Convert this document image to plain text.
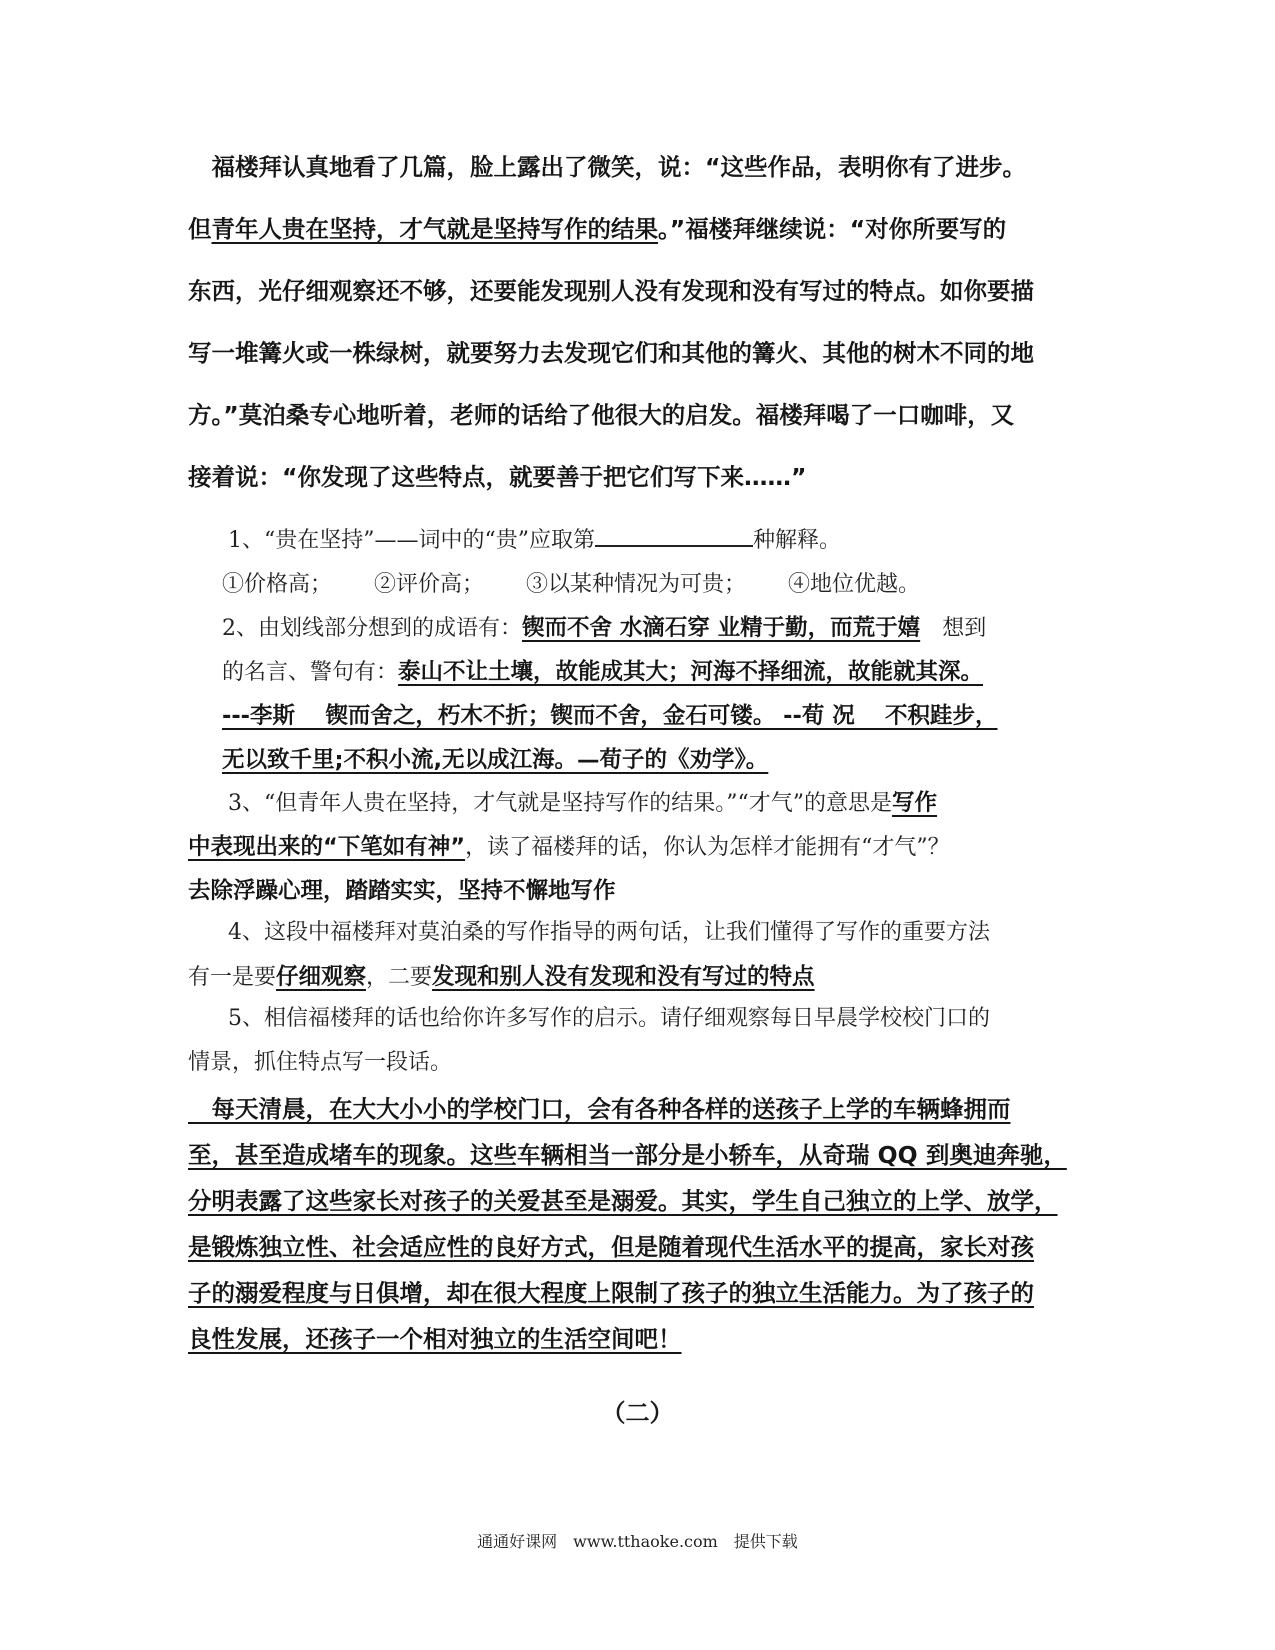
　福楼拜认真地看了几篇，脸上露出了微笑，说：“这些作品，表明你有了进步。
但青年人贵在坚持，才气就是坚持写作的结果。”福楼拜继续说：“对你所要写的
东西，光仔细观察还不够，还要能发现别人没有发现和没有写过的特点。如你要描
写一堆篝火或一株绿树，就要努力去发现它们和其他的篝火、其他的树木不同的地
方。”莫泊桑专心地听着，老师的话给了他很大的启发。福楼拜喝了一口咖啡，又
接着说：“你发现了这些特点，就要善于把它们写下来……”
1、“贵在坚持”——词中的“贵”应取第	种解释。
①价格高； ②评价高； ③以某种情况为可贵； ④地位优越。
2、由划线部分想到的成语有：锲而不舍 水滴石穿 业精于勤，而荒于嬉　 想到
的名言、警句有：泰山不让土壤，故能成其大；河海不择细流，故能就其深。
---李斯　 锲而舍之，朽木不折；锲而不舍，金石可镂。 --荀 况　 不积跬步，
无以致千里;不积小流,无以成江海。—荀子的《劝学》。
3、“但青年人贵在坚持，才气就是坚持写作的结果。”“才气”的意思是写作
中表现出来的“下笔如有神”，读了福楼拜的话，你认为怎样才能拥有“才气”？
去除浮躁心理，踏踏实实，坚持不懈地写作
4、这段中福楼拜对莫泊桑的写作指导的两句话，让我们懂得了写作的重要方法
有一是要仔细观察，二要发现和别人没有发现和没有写过的特点
5、相信福楼拜的话也给你许多写作的启示。请仔细观察每日早晨学校校门口的
情景，抓住特点写一段话。
　每天清晨，在大大小小的学校门口，会有各种各样的送孩子上学的车辆蜂拥而
至，甚至造成堵车的现象。这些车辆相当一部分是小轿车，从奇瑞 QQ 到奥迪奔驰，
分明表露了这些家长对孩子的关爱甚至是溺爱。其实，学生自己独立的上学、放学，
是锻炼独立性、社会适应性的良好方式，但是随着现代生活水平的提高，家长对孩
子的溺爱程度与日俱增，却在很大程度上限制了孩子的独立生活能力。为了孩子的
良性发展，还孩子一个相对独立的生活空间吧！
（二）
通通好课网　www.tthaoke.com　提供下载
